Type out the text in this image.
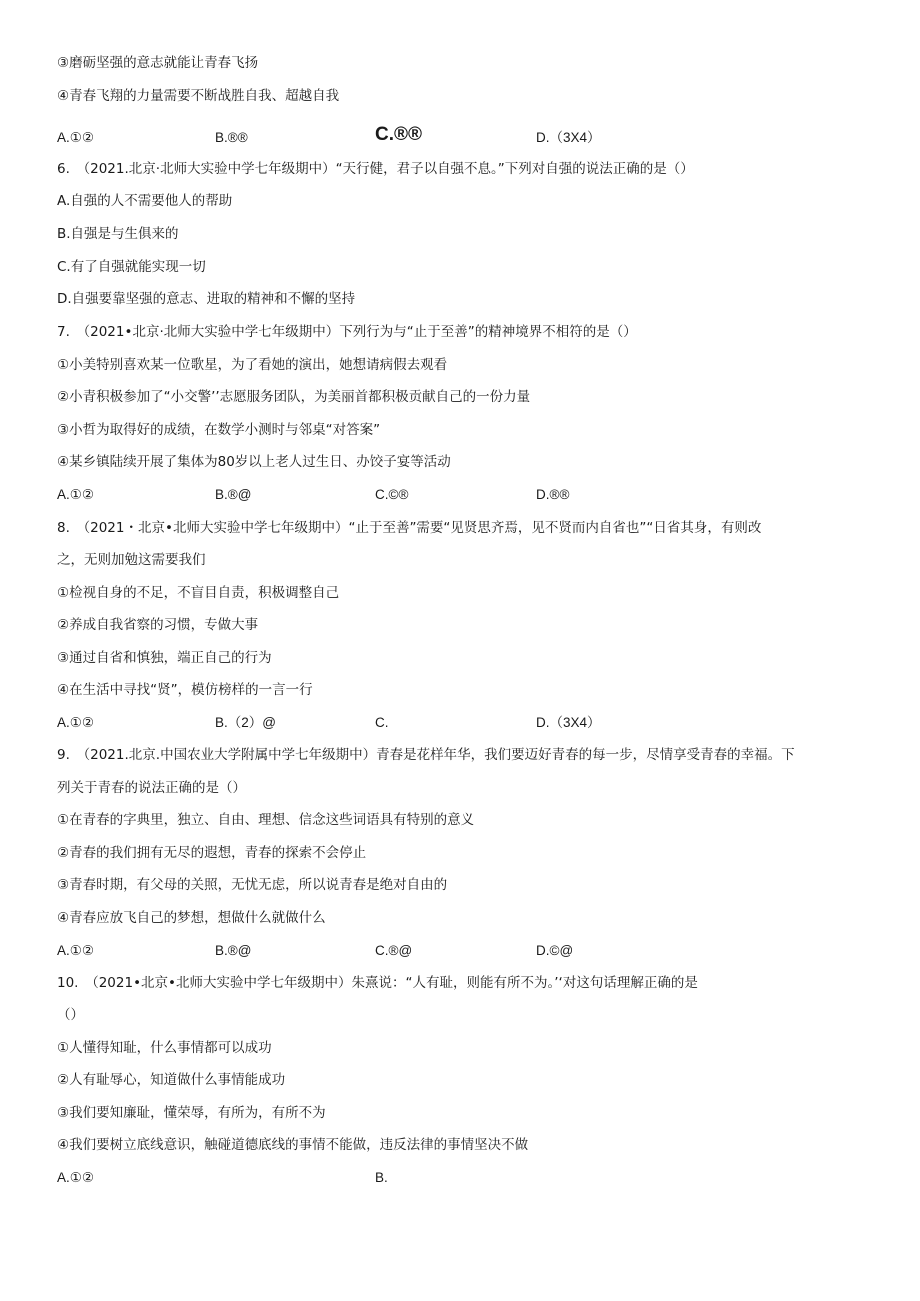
③磨砺坚强的意志就能让青春飞扬
④青春飞翔的力量需要不断战胜自我、超越自我
A.①②	B.®®	C.®®	D.（3X4）
6.　（2021.北京·北师大实验中学七年级期中）“天行健，君子以自强不息。”下列对自强的说法正确的是（）
A.自强的人不需要他人的帮助
B.自强是与生俱来的
C.有了自强就能实现一切
D.自强要靠坚强的意志、进取的精神和不懈的坚持
7.　（2021•北京·北师大实验中学七年级期中）下列行为与“止于至善”的精神境界不相符的是（）
①小美特别喜欢某一位歌星，为了看她的演出，她想请病假去观看
②小青积极参加了“小交警’’志愿服务团队，为美丽首都积极贡献自己的一份力量
③小哲为取得好的成绩，在数学小测时与邻桌“对答案”
④某乡镇陆续开展了集体为80岁以上老人过生日、办饺子宴等活动
A.①②	B.®@	C.©®	D.®®
8.　（2021・北京•北师大实验中学七年级期中）“止于至善”需要“见贤思齐焉，见不贤而内自省也”“日省其身，有则改
之，无则加勉这需要我们
①检视自身的不足，不盲目自责，积极调整自己
②养成自我省察的习惯，专做大事
③通过自省和慎独，端正自己的行为
④在生活中寻找“贤”，模仿榜样的一言一行
A.①②	B.（2）@	C.	D.（3X4）
9.　（2021.北京.中国农业大学附属中学七年级期中）青春是花样年华，我们要迈好青春的每一步，尽情享受青春的幸福。下
列关于青春的说法正确的是（）
①在青春的字典里，独立、自由、理想、信念这些词语具有特别的意义
②青春的我们拥有无尽的遐想，青春的探索不会停止
③青春时期，有父母的关照，无忧无虑，所以说青春是绝对自由的
④青春应放飞自己的梦想，想做什么就做什么
A.①②	B.®@	C.®@	D.©@
10.　（2021•北京•北师大实验中学七年级期中）朱熹说：“人有耻，则能有所不为。’‘对这句话理解正确的是
（）
①人懂得知耻，什么事情都可以成功
②人有耻辱心，知道做什么事情能成功
③我们要知廉耻，懂荣辱，有所为，有所不为
④我们要树立底线意识，触碰道德底线的事情不能做，违反法律的事情坚决不做
A.①②	B.
